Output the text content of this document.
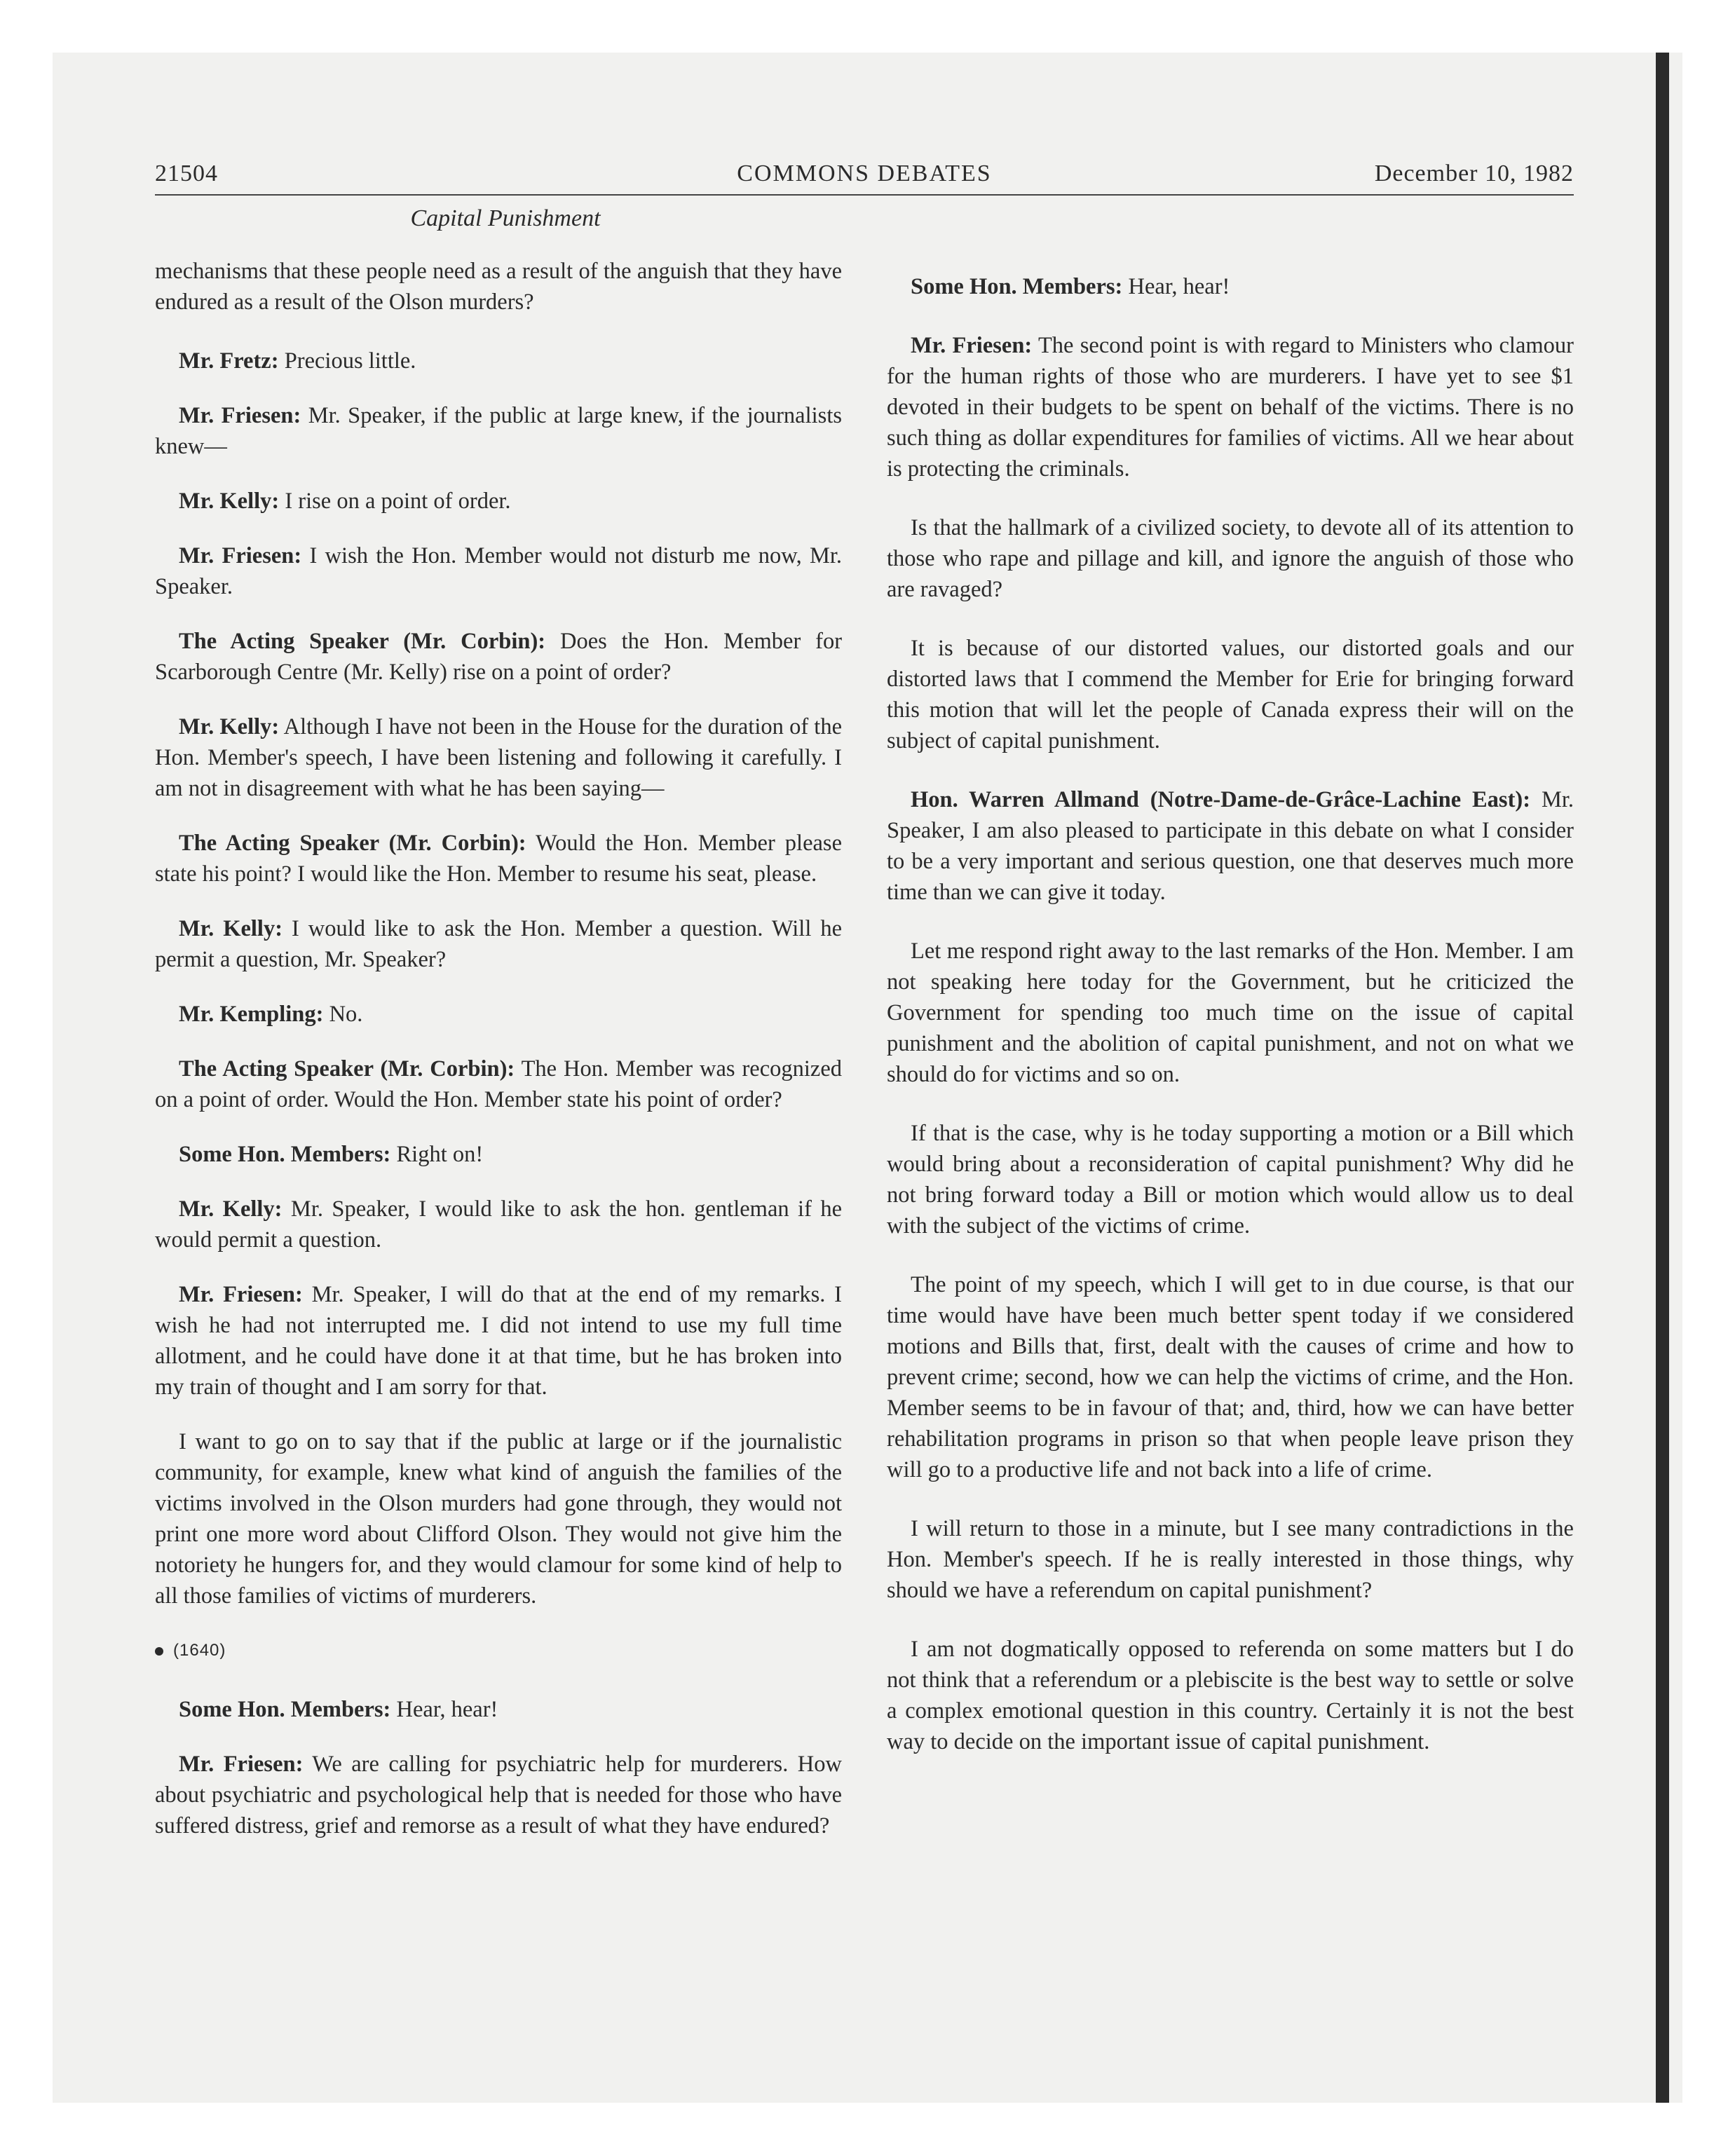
21504	COMMONS DEBATES	December 10, 1982
Capital Punishment

mechanisms that these people need as a result of the anguish that they have endured as a result of the Olson murders?

Mr. Fretz: Precious little.

Mr. Friesen: Mr. Speaker, if the public at large knew, if the journalists knew—

Mr. Kelly: I rise on a point of order.

Mr. Friesen: I wish the Hon. Member would not disturb me now, Mr. Speaker.

The Acting Speaker (Mr. Corbin): Does the Hon. Member for Scarborough Centre (Mr. Kelly) rise on a point of order?

Mr. Kelly: Although I have not been in the House for the duration of the Hon. Member's speech, I have been listening and following it carefully. I am not in disagreement with what he has been saying—

The Acting Speaker (Mr. Corbin): Would the Hon. Member please state his point? I would like the Hon. Member to resume his seat, please.

Mr. Kelly: I would like to ask the Hon. Member a question. Will he permit a question, Mr. Speaker?

Mr. Kempling: No.

The Acting Speaker (Mr. Corbin): The Hon. Member was recognized on a point of order. Would the Hon. Member state his point of order?

Some Hon. Members: Right on!

Mr. Kelly: Mr. Speaker, I would like to ask the hon. gentleman if he would permit a question.

Mr. Friesen: Mr. Speaker, I will do that at the end of my remarks. I wish he had not interrupted me. I did not intend to use my full time allotment, and he could have done it at that time, but he has broken into my train of thought and I am sorry for that.

I want to go on to say that if the public at large or if the journalistic community, for example, knew what kind of anguish the families of the victims involved in the Olson murders had gone through, they would not print one more word about Clifford Olson. They would not give him the notoriety he hungers for, and they would clamour for some kind of help to all those families of victims of murderers.

(1640)

Some Hon. Members: Hear, hear!

Mr. Friesen: We are calling for psychiatric help for murderers. How about psychiatric and psychological help that is needed for those who have suffered distress, grief and remorse as a result of what they have endured?

Some Hon. Members: Hear, hear!

Mr. Friesen: The second point is with regard to Ministers who clamour for the human rights of those who are murderers. I have yet to see $1 devoted in their budgets to be spent on behalf of the victims. There is no such thing as dollar expenditures for families of victims. All we hear about is protecting the criminals.

Is that the hallmark of a civilized society, to devote all of its attention to those who rape and pillage and kill, and ignore the anguish of those who are ravaged?

It is because of our distorted values, our distorted goals and our distorted laws that I commend the Member for Erie for bringing forward this motion that will let the people of Canada express their will on the subject of capital punishment.

Hon. Warren Allmand (Notre-Dame-de-Grâce-Lachine East): Mr. Speaker, I am also pleased to participate in this debate on what I consider to be a very important and serious question, one that deserves much more time than we can give it today.

Let me respond right away to the last remarks of the Hon. Member. I am not speaking here today for the Government, but he criticized the Government for spending too much time on the issue of capital punishment and the abolition of capital punishment, and not on what we should do for victims and so on.

If that is the case, why is he today supporting a motion or a Bill which would bring about a reconsideration of capital punishment? Why did he not bring forward today a Bill or motion which would allow us to deal with the subject of the victims of crime.

The point of my speech, which I will get to in due course, is that our time would have have been much better spent today if we considered motions and Bills that, first, dealt with the causes of crime and how to prevent crime; second, how we can help the victims of crime, and the Hon. Member seems to be in favour of that; and, third, how we can have better rehabilitation programs in prison so that when people leave prison they will go to a productive life and not back into a life of crime.

I will return to those in a minute, but I see many contradictions in the Hon. Member's speech. If he is really interested in those things, why should we have a referendum on capital punishment?

I am not dogmatically opposed to referenda on some matters but I do not think that a referendum or a plebiscite is the best way to settle or solve a complex emotional question in this country. Certainly it is not the best way to decide on the important issue of capital punishment.
